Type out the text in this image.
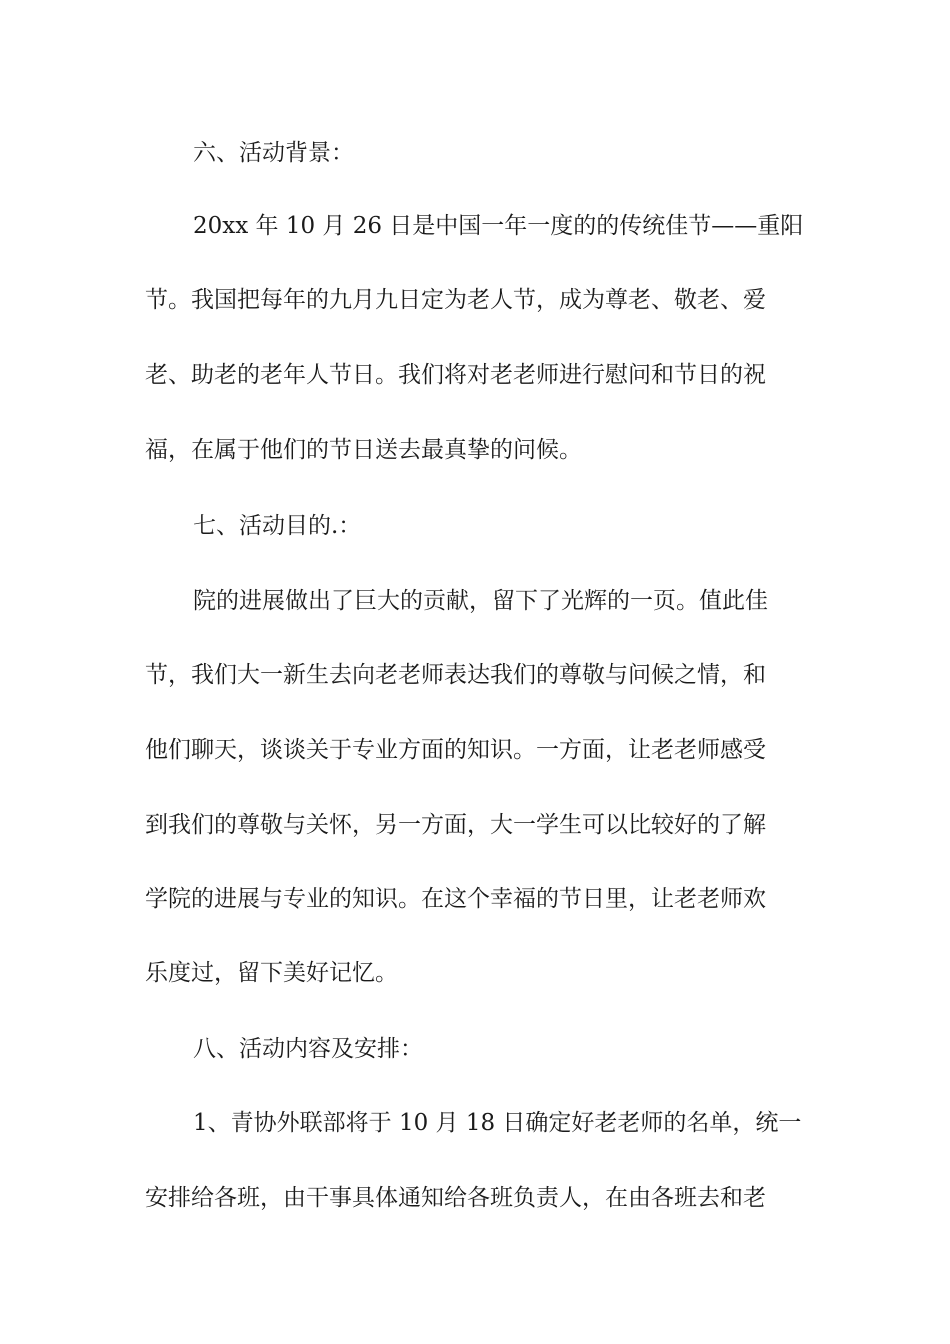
六、活动背景：

20xx 年 10 月 26 日是中国一年一度的的传统佳节——重阳

节。我国把每年的九月九日定为老人节，成为尊老、敬老、爱

老、助老的老年人节日。我们将对老老师进行慰问和节日的祝

福，在属于他们的节日送去最真挚的问候。

七、活动目的.：

院的进展做出了巨大的贡献，留下了光辉的一页。值此佳

节，我们大一新生去向老老师表达我们的尊敬与问候之情，和

他们聊天，谈谈关于专业方面的知识。一方面，让老老师感受

到我们的尊敬与关怀，另一方面，大一学生可以比较好的了解

学院的进展与专业的知识。在这个幸福的节日里，让老老师欢

乐度过，留下美好记忆。

八、活动内容及安排：

1、青协外联部将于 10 月 18 日确定好老老师的名单，统一

安排给各班，由干事具体通知给各班负责人，在由各班去和老
